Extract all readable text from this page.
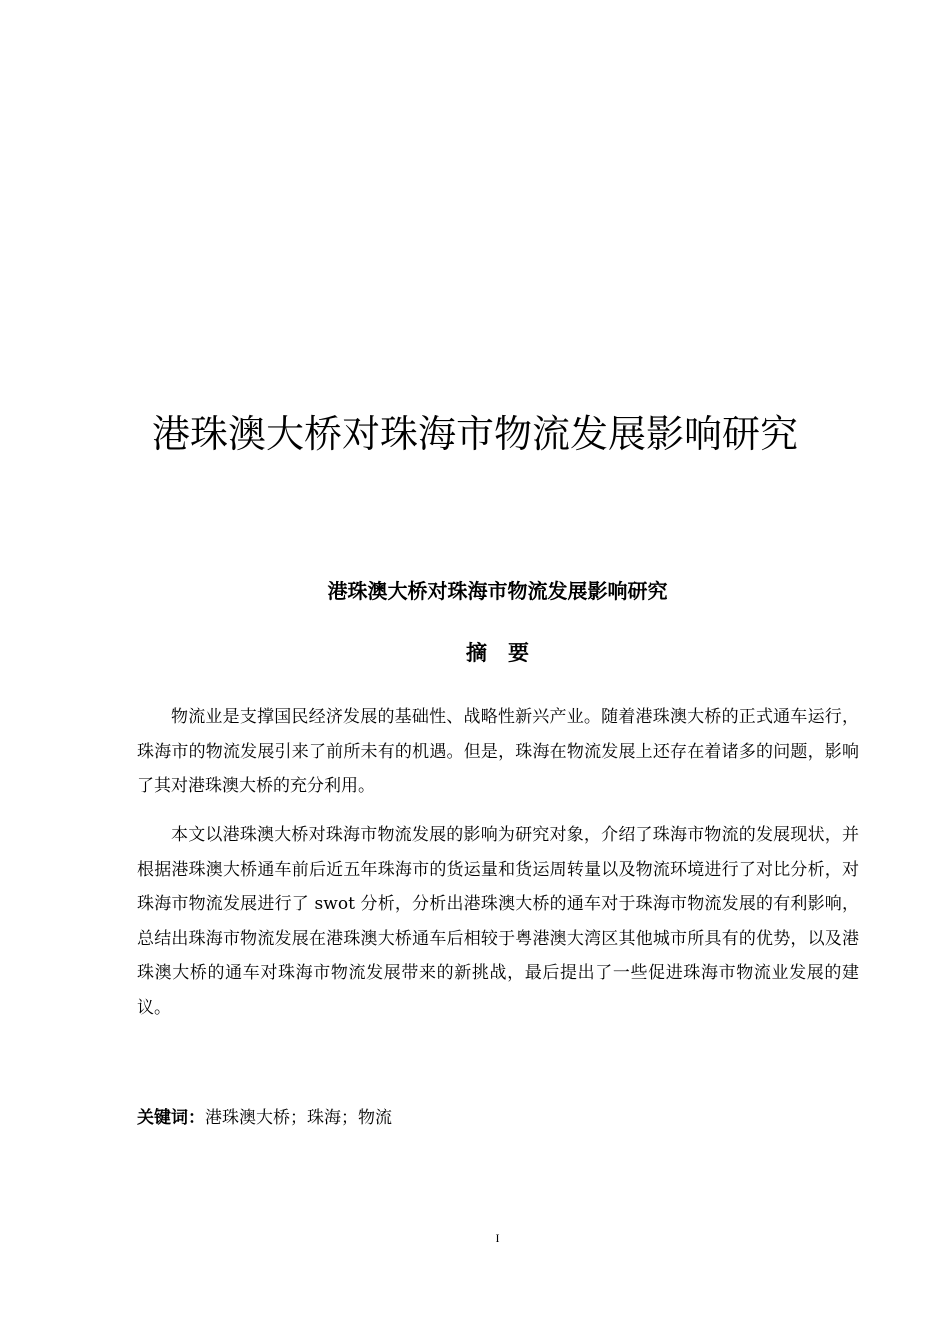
港珠澳大桥对珠海市物流发展影响研究
港珠澳大桥对珠海市物流发展影响研究
摘　要

物流业是支撑国民经济发展的基础性、战略性新兴产业。随着港珠澳大桥的正式通车运行，珠海市的物流发展引来了前所未有的机遇。但是，珠海在物流发展上还存在着诸多的问题，影响了其对港珠澳大桥的充分利用。

本文以港珠澳大桥对珠海市物流发展的影响为研究对象，介绍了珠海市物流的发展现状，并根据港珠澳大桥通车前后近五年珠海市的货运量和货运周转量以及物流环境进行了对比分析，对珠海市物流发展进行了 swot 分析，分析出港珠澳大桥的通车对于珠海市物流发展的有利影响，总结出珠海市物流发展在港珠澳大桥通车后相较于粤港澳大湾区其他城市所具有的优势，以及港珠澳大桥的通车对珠海市物流发展带来的新挑战，最后提出了一些促进珠海市物流业发展的建议。

关键词：港珠澳大桥；珠海；物流
I
